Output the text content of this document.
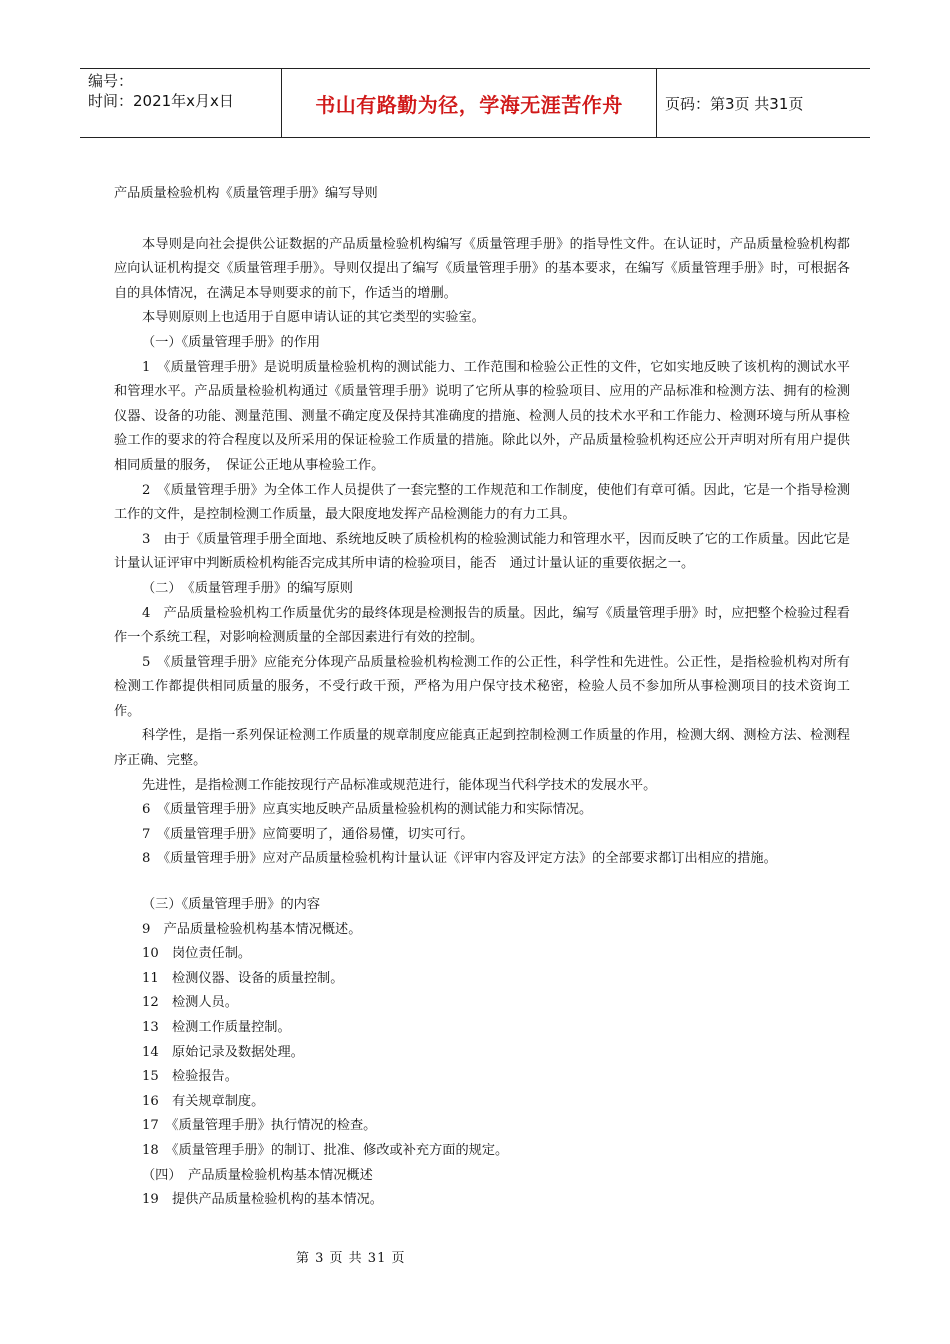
编号：
时间：2021年x月x日	书山有路勤为径，学海无涯苦作舟	页码：第3页 共31页

产品质量检验机构《质量管理手册》编写导则

本导则是向社会提供公证数据的产品质量检验机构编写《质量管理手册》的指导性文件。在认证时，产品质量检验机构都应向认证机构提交《质量管理手册》。导则仅提出了编写《质量管理手册》的基本要求，在编写《质量管理手册》时，可根据各自的具体情况，在满足本导则要求的前下，作适当的增删。

本导则原则上也适用于自愿申请认证的其它类型的实验室。

（一）《质量管理手册》的作用

1　《质量管理手册》是说明质量检验机构的测试能力、工作范围和检验公正性的文件，它如实地反映了该机构的测试水平和管理水平。产品质量检验机构通过《质量管理手册》说明了它所从事的检验项目、应用的产品标准和检测方法、拥有的检测仪器、设备的功能、测量范围、测量不确定度及保持其准确度的措施、检测人员的技术水平和工作能力、检测环境与所从事检验工作的要求的符合程度以及所采用的保证检验工作质量的措施。除此以外，产品质量检验机构还应公开声明对所有用户提供相同质量的服务，　保证公正地从事检验工作。

2　《质量管理手册》为全体工作人员提供了一套完整的工作规范和工作制度，使他们有章可循。因此，它是一个指导检测工作的文件，是控制检测工作质量，最大限度地发挥产品检测能力的有力工具。

3　由于《质量管理手册全面地、系统地反映了质检机构的检验测试能力和管理水平，因而反映了它的工作质量。因此它是计量认证评审中判断质检机构能否完成其所申请的检验项目，能否　通过计量认证的重要依据之一。

（二）　《质量管理手册》的编写原则

4　产品质量检验机构工作质量优劣的最终体现是检测报告的质量。因此，编写《质量管理手册》时，应把整个检验过程看作一个系统工程，对影响检测质量的全部因素进行有效的控制。

5　《质量管理手册》应能充分体现产品质量检验机构检测工作的公正性，科学性和先进性。公正性，是指检验机构对所有检测工作都提供相同质量的服务，不受行政干预，严格为用户保守技术秘密，检验人员不参加所从事检测项目的技术资询工作。

科学性，是指一系列保证检测工作质量的规章制度应能真正起到控制检测工作质量的作用，检测大纲、测检方法、检测程序正确、完整。

先进性，是指检测工作能按现行产品标准或规范进行，能体现当代科学技术的发展水平。

6　《质量管理手册》应真实地反映产品质量检验机构的测试能力和实际情况。

7　《质量管理手册》应简要明了，通俗易懂，切实可行。

8　《质量管理手册》应对产品质量检验机构计量认证《评审内容及评定方法》的全部要求都订出相应的措施。

（三）《质量管理手册》的内容

9　产品质量检验机构基本情况概述。

10　岗位责任制。

11　检测仪器、设备的质量控制。

12　检测人员。

13　检测工作质量控制。

14　原始记录及数据处理。

15　检验报告。

16　有关规章制度。

17　《质量管理手册》执行情况的检查。

18　《质量管理手册》的制订、批准、修改或补充方面的规定。

（四）　产品质量检验机构基本情况概述

19　提供产品质量检验机构的基本情况。

第 3 页 共 31 页
